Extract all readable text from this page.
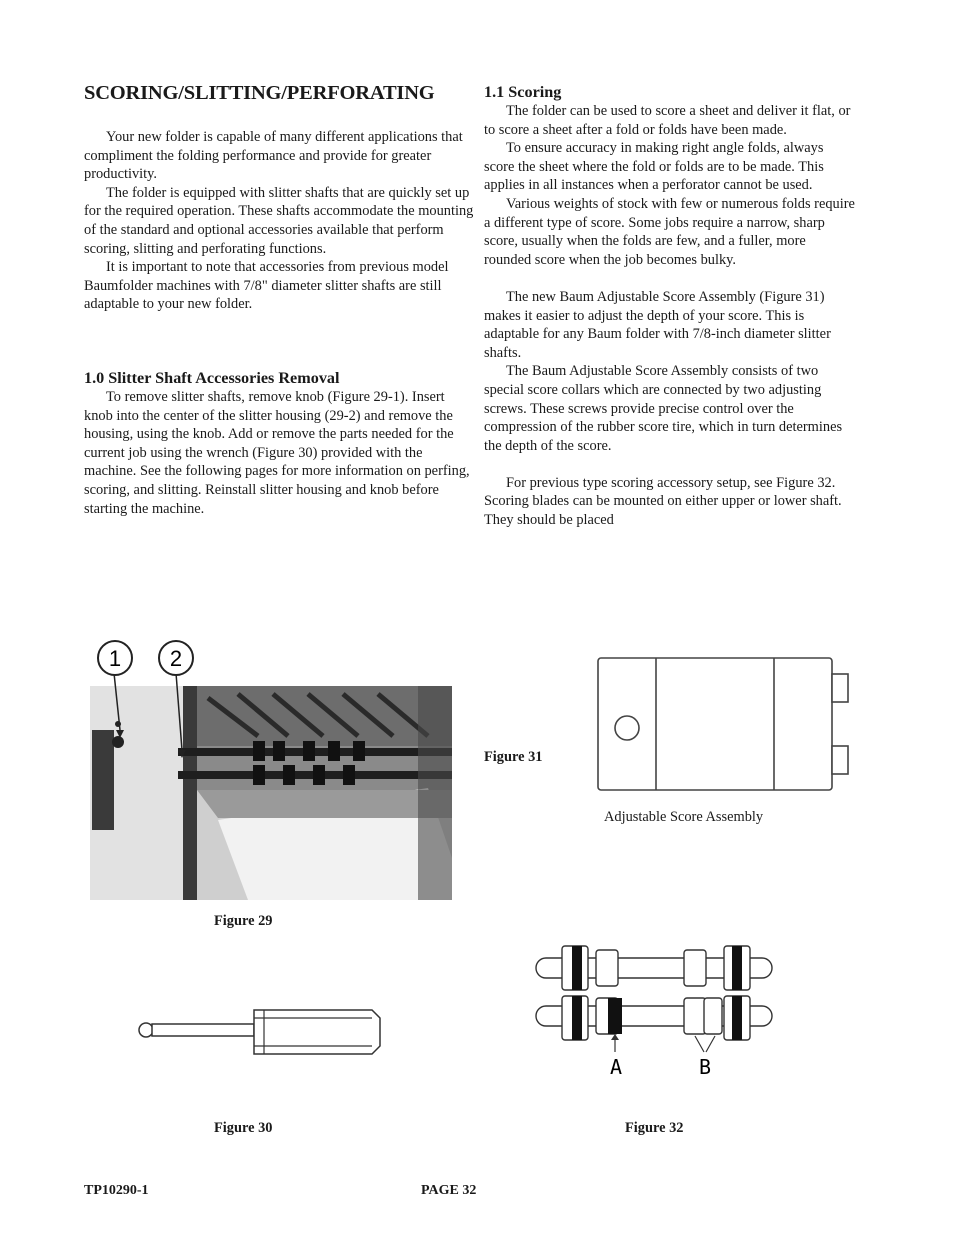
SCORING/SLITTING/PERFORATING

Your new folder is capable of many different applications that compliment the folding performance and provide for greater productivity.

The folder is equipped with slitter shafts that are quickly set up for the required operation. These shafts accommodate the mounting of the standard and optional accessories available that perform scoring, slitting and perforating functions.

It is important to note that accessories from previous model Baumfolder machines with 7/8" diameter slitter shafts are still adaptable to your new folder.

1.0 Slitter Shaft Accessories Removal

To remove slitter shafts, remove knob (Figure 29-1). Insert knob into the center of the slitter housing (29-2) and remove the housing, using the knob. Add or remove the parts needed for the current job using the wrench (Figure 30) provided with the machine. See the following pages for more information on perfing, scoring, and slitting. Reinstall slitter housing and knob before starting the machine.

1.1 Scoring

The folder can be used to score a sheet and deliver it flat, or to score a sheet after a fold or folds have been made.

To ensure accuracy in making right angle folds, always score the sheet where the fold or folds are to be made. This applies in all instances when a perforator cannot be used.

Various weights of stock with few or numerous folds require a different type of score. Some jobs require a narrow, sharp score, usually when the folds are few, and a fuller, more rounded score when the job becomes bulky.

The new Baum Adjustable Score Assembly (Figure 31) makes it easier to adjust the depth of your score. This is adaptable for any Baum folder with 7/8-inch diameter slitter shafts.

The Baum Adjustable Score Assembly consists of two special score collars which are connected by two adjusting screws. These screws provide precise control over the compression of the rubber score tire, which in turn determines the depth of the score.

For previous type scoring accessory setup, see Figure 32. Scoring blades can be mounted on either upper or lower shaft. They should be placed

1 2
Figure 29
Figure 30
Figure 31
Adjustable Score Assembly
A	B
Figure 32
TP10290-1	PAGE 32
